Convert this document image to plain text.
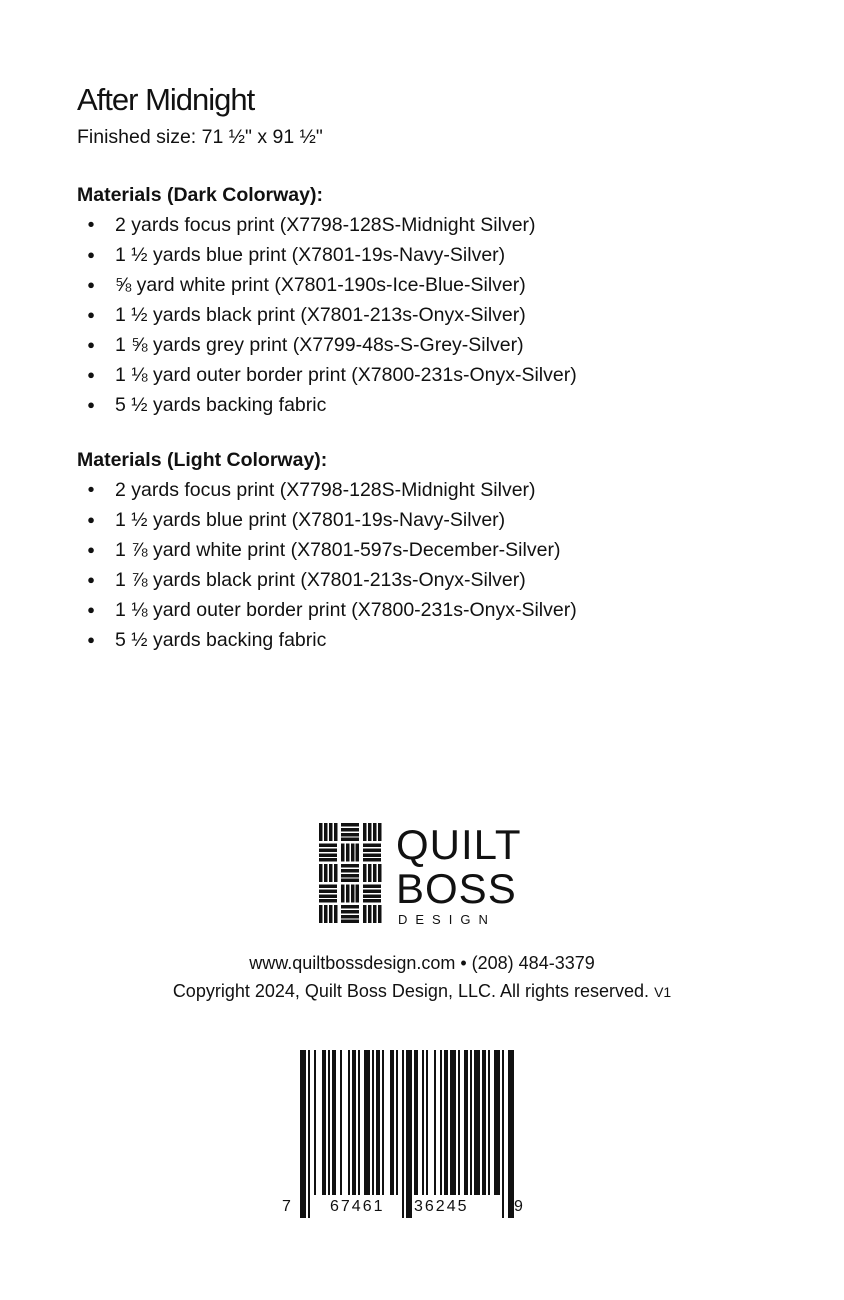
After Midnight
Finished size: 71 ½" x 91 ½"
Materials (Dark Colorway):
•	2 yards focus print (X7798-128S-Midnight Silver)
●	1 ½ yards blue print (X7801-19s-Navy-Silver)
●	⅝ yard white print (X7801-190s-Ice-Blue-Silver)
●	1 ½ yards black print (X7801-213s-Onyx-Silver)
●	1 ⅝ yards grey print (X7799-48s-S-Grey-Silver)
●	1 ⅛ yard outer border print (X7800-231s-Onyx-Silver)
●	5 ½ yards backing fabric
Materials (Light Colorway):
•	2 yards focus print (X7798-128S-Midnight Silver)
●	1 ½ yards blue print (X7801-19s-Navy-Silver)
●	1 ⅞ yard white print (X7801-597s-December-Silver)
●	1 ⅞ yards black print (X7801-213s-Onyx-Silver)
●	1 ⅛ yard outer border print (X7800-231s-Onyx-Silver)
●	5 ½ yards backing fabric
QUILT
BOSS
DESIGN
www.quiltbossdesign.com • (208) 484-3379
Copyright 2024, Quilt Boss Design, LLC. All rights reserved. V1
7 67461 36245	9
